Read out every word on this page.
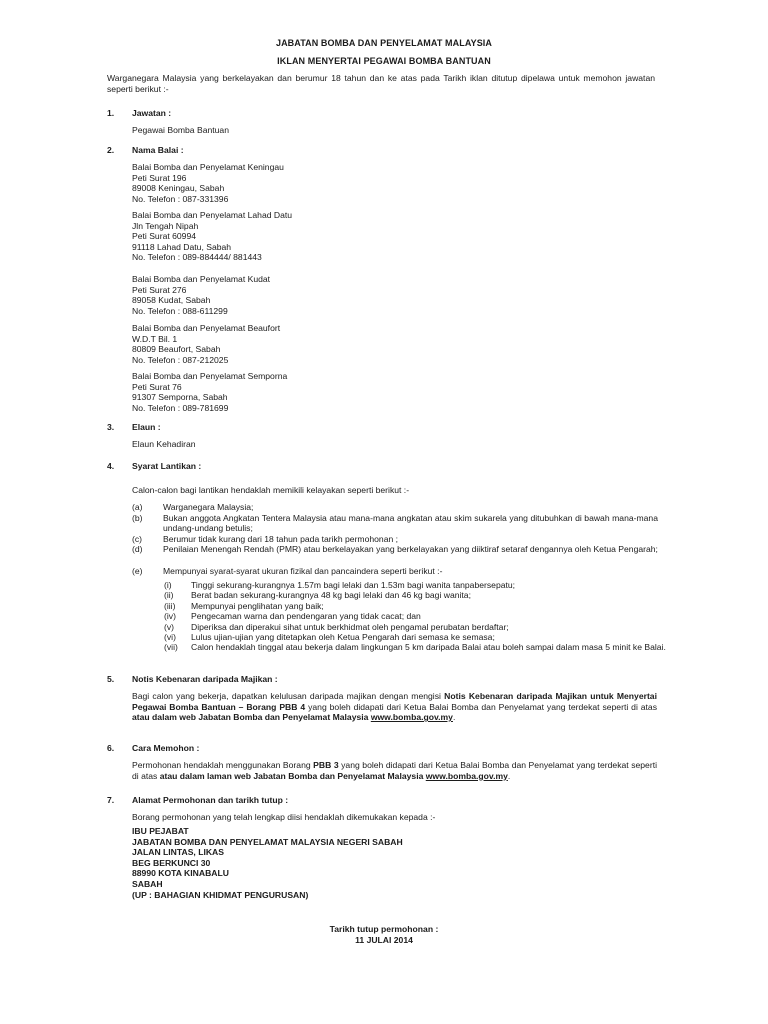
JABATAN BOMBA DAN PENYELAMAT MALAYSIA
IKLAN MENYERTAI PEGAWAI BOMBA BANTUAN
Warganegara Malaysia yang berkelayakan dan berumur 18 tahun dan ke atas pada Tarikh iklan ditutup dipelawa untuk memohon jawatan seperti berikut :-
1. Jawatan :
Pegawai Bomba Bantuan
2. Nama Balai :
Balai Bomba dan Penyelamat Keningau
Peti Surat 196
89008 Keningau, Sabah
No. Telefon : 087-331396
Balai Bomba dan Penyelamat Lahad Datu
Jln Tengah Nipah
Peti Surat 60994
91118 Lahad Datu, Sabah
No. Telefon : 089-884444/ 881443
Balai Bomba dan Penyelamat Kudat
Peti Surat 276
89058 Kudat, Sabah
No. Telefon : 088-611299
Balai Bomba dan Penyelamat Beaufort
W.D.T Bil. 1
80809 Beaufort, Sabah
No. Telefon : 087-212025
Balai Bomba dan Penyelamat Semporna
Peti Surat 76
91307 Semporna, Sabah
No. Telefon : 089-781699
3. Elaun :
Elaun Kehadiran
4. Syarat Lantikan :
Calon-calon bagi lantikan hendaklah memikili kelayakan seperti berikut :-
(a) Warganegara Malaysia;
(b) Bukan anggota Angkatan Tentera Malaysia atau mana-mana angkatan atau skim sukarela yang ditubuhkan di bawah mana-mana undang-undang betulis;
(c) Berumur tidak kurang dari 18 tahun pada tarikh permohonan ;
(d) Penilaian Menengah Rendah (PMR) atau berkelayakan yang berkelayakan yang diiktiraf setaraf dengannya oleh Ketua Pengarah;
(e) Mempunyai syarat-syarat ukuran fizikal dan pancaindera seperti berikut :-
(i) Tinggi sekurang-kurangnya 1.57m bagi lelaki dan 1.53m bagi wanita tanpabersepatu;
(ii) Berat badan sekurang-kurangnya 48 kg bagi lelaki dan 46 kg bagi wanita;
(iii) Mempunyai penglihatan yang baik;
(iv) Pengecaman warna dan pendengaran yang tidak cacat; dan
(v) Diperiksa dan diperakui sihat untuk berkhidmat oleh pengamal perubatan berdaftar;
(vi) Lulus ujian-ujian yang ditetapkan oleh Ketua Pengarah dari semasa ke semasa;
(vii) Calon hendaklah tinggal atau bekerja dalam lingkungan 5 km daripada Balai atau boleh sampai dalam masa 5 minit ke Balai.
5. Notis Kebenaran daripada Majikan :
Bagi calon yang bekerja, dapatkan kelulusan daripada majikan dengan mengisi Notis Kebenaran daripada Majikan untuk Menyertai Pegawai Bomba Bantuan – Borang PBB 4 yang boleh didapati dari Ketua Balai Bomba dan Penyelamat yang terdekat seperti di atas atau dalam web Jabatan Bomba dan Penyelamat Malaysia www.bomba.gov.my.
6. Cara Memohon :
Permohonan hendaklah menggunakan Borang PBB 3 yang boleh didapati dari Ketua Balai Bomba dan Penyelamat yang terdekat seperti di atas atau dalam laman web Jabatan Bomba dan Penyelamat Malaysia www.bomba.gov.my.
7. Alamat Permohonan dan tarikh tutup :
Borang permohonan yang telah lengkap diisi hendaklah dikemukakan kepada :-
IBU PEJABAT
JABATAN BOMBA DAN PENYELAMAT MALAYSIA NEGERI SABAH
JALAN LINTAS, LIKAS
BEG BERKUNCI 30
88990 KOTA KINABALU
SABAH
(UP : BAHAGIAN KHIDMAT PENGURUSAN)
Tarikh tutup permohonan :
11 JULAI 2014
